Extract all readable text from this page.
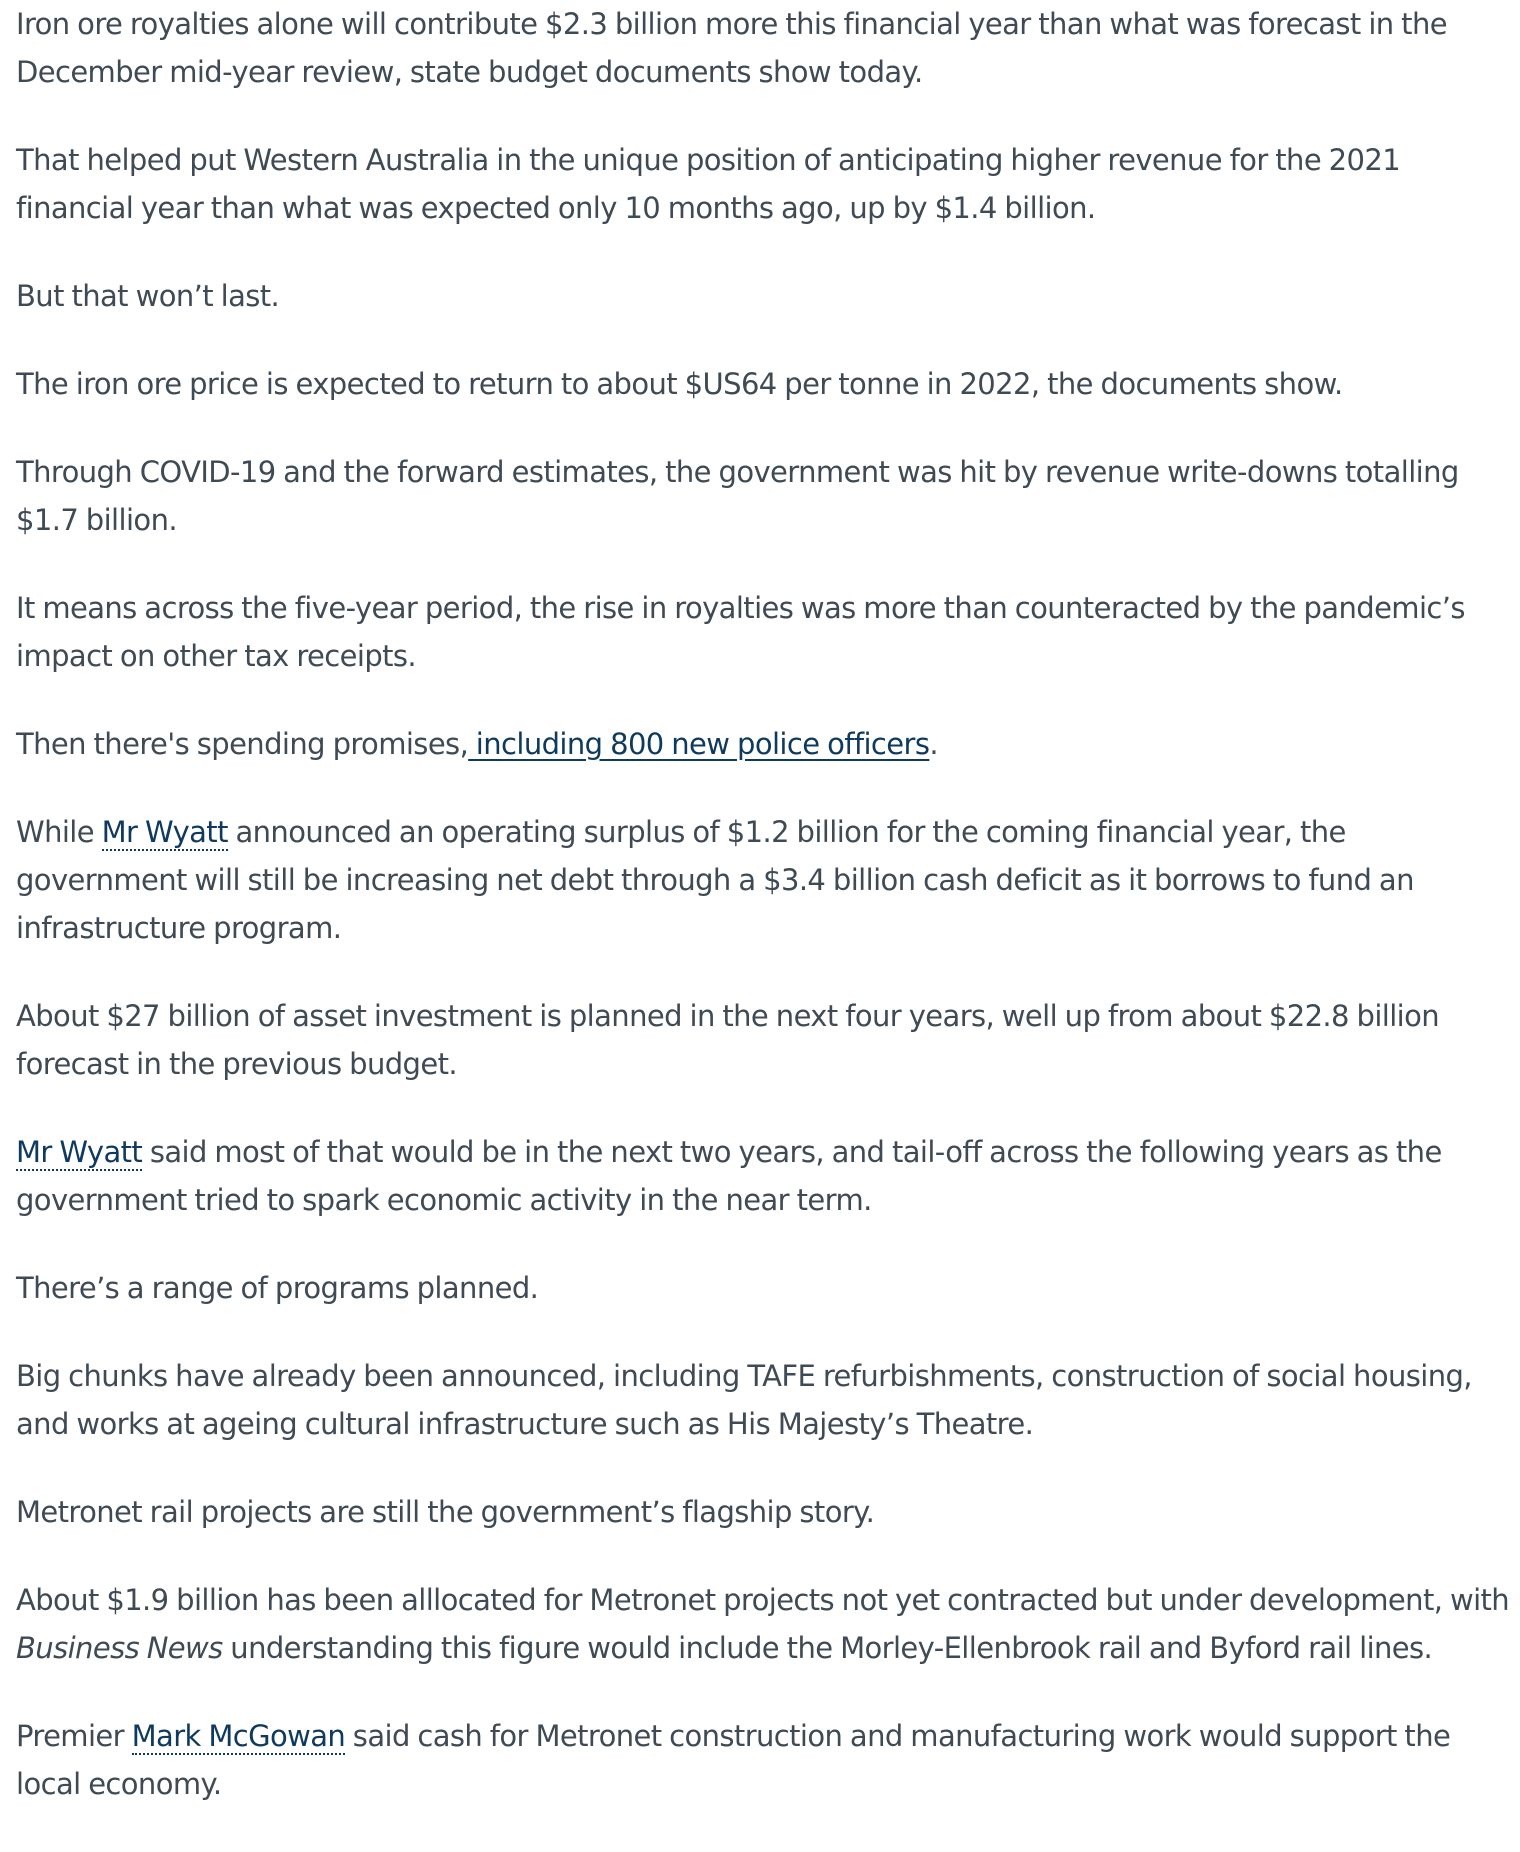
Iron ore royalties alone will contribute $2.3 billion more this financial year than what was forecast in the December mid-year review, state budget documents show today.

That helped put Western Australia in the unique position of anticipating higher revenue for the 2021 financial year than what was expected only 10 months ago, up by $1.4 billion.

But that won’t last.

The iron ore price is expected to return to about $US64 per tonne in 2022, the documents show.

Through COVID-19 and the forward estimates, the government was hit by revenue write-downs totalling $1.7 billion.

It means across the five-year period, the rise in royalties was more than counteracted by the pandemic’s impact on other tax receipts.

Then there's spending promises, including 800 new police officers.

While Mr Wyatt announced an operating surplus of $1.2 billion for the coming financial year, the government will still be increasing net debt through a $3.4 billion cash deficit as it borrows to fund an infrastructure program.

About $27 billion of asset investment is planned in the next four years, well up from about $22.8 billion forecast in the previous budget.

Mr Wyatt said most of that would be in the next two years, and tail-off across the following years as the government tried to spark economic activity in the near term.

There’s a range of programs planned.

Big chunks have already been announced, including TAFE refurbishments, construction of social housing, and works at ageing cultural infrastructure such as His Majesty’s Theatre.

Metronet rail projects are still the government’s flagship story.

About $1.9 billion has been alllocated for Metronet projects not yet contracted but under development, with Business News understanding this figure would include the Morley-Ellenbrook rail and Byford rail lines.

Premier Mark McGowan said cash for Metronet construction and manufacturing work would support the local economy.
